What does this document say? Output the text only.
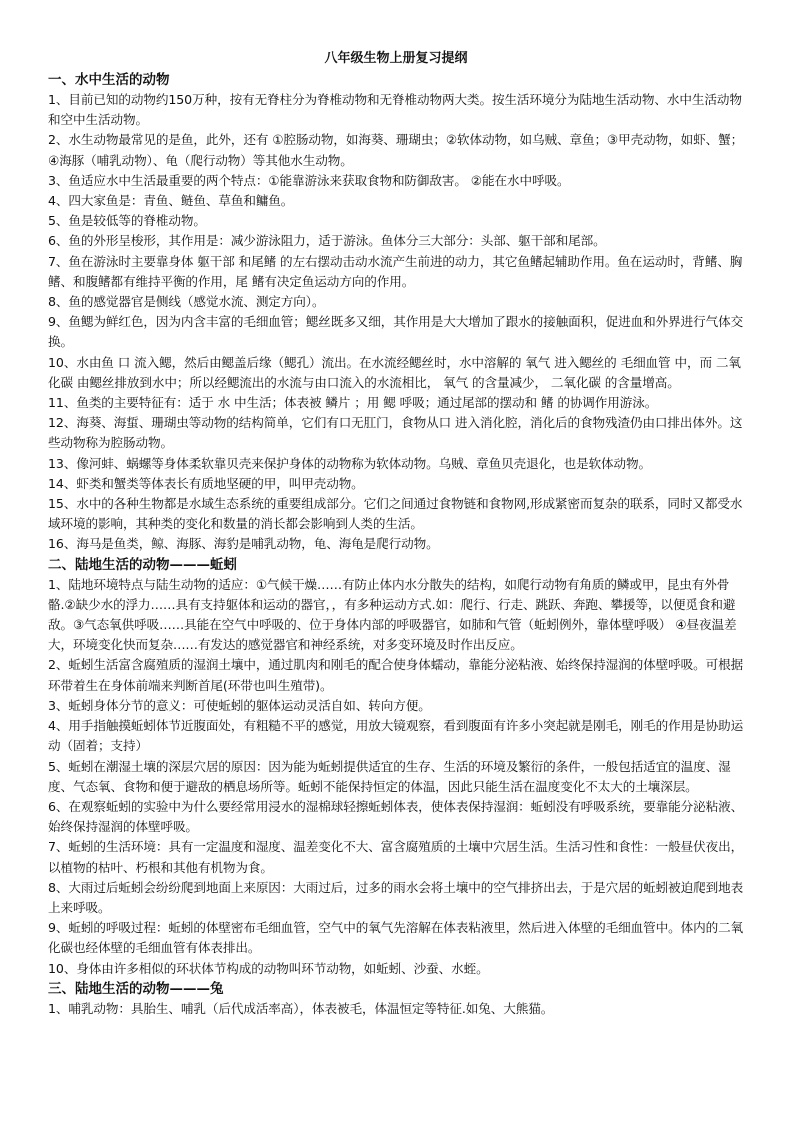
八年级生物上册复习提纲
一、水中生活的动物

1、目前已知的动物约150万种，按有无脊柱分为脊椎动物和无脊椎动物两大类。按生活环境分为陆地生活动物、水中生活动物和空中生活动物。

2、水生动物最常见的是鱼，此外，还有 ①腔肠动物，如海葵、珊瑚虫；②软体动物，如乌贼、章鱼；③甲壳动物，如虾、蟹；④海豚（哺乳动物）、龟（爬行动物）等其他水生动物。

3、鱼适应水中生活最重要的两个特点：①能靠游泳来获取食物和防御敌害。 ②能在水中呼吸。

4、四大家鱼是：青鱼、鲢鱼、草鱼和鳙鱼。

5、鱼是较低等的脊椎动物。

6、鱼的外形呈梭形，其作用是：减少游泳阻力，适于游泳。鱼体分三大部分：头部、躯干部和尾部。

7、鱼在游泳时主要靠身体 躯干部 和尾鳍 的左右摆动击动水流产生前进的动力，其它鱼鳍起辅助作用。鱼在运动时，背鳍、胸鳍、和腹鳍都有维持平衡的作用，尾 鳍有决定鱼运动方向的作用。

8、鱼的感觉器官是侧线（感觉水流、测定方向）。

9、鱼鳃为鲜红色，因为内含丰富的毛细血管；鳃丝既多又细，其作用是大大增加了跟水的接触面积，促进血和外界进行气体交换。

10、水由鱼 口 流入鳃，然后由鳃盖后缘（鳃孔）流出。在水流经鳃丝时，水中溶解的 氧气 进入鳃丝的 毛细血管 中，而 二氧化碳 由鳃丝排放到水中；所以经鳃流出的水流与由口流入的水流相比， 氧气 的含量减少， 二氧化碳 的含量增高。

11、鱼类的主要特征有：适于 水 中生活；体表被 鳞片 ；用 鳃 呼吸；通过尾部的摆动和 鳍 的协调作用游泳。

12、海葵、海蜇、珊瑚虫等动物的结构简单，它们有口无肛门，食物从口 进入消化腔，消化后的食物残渣仍由口排出体外。这些动物称为腔肠动物。

13、像河蚌、蜗螺等身体柔软靠贝壳来保护身体的动物称为软体动物。乌贼、章鱼贝壳退化，也是软体动物。

14、虾类和蟹类等体表长有质地坚硬的甲，叫甲壳动物。

15、水中的各种生物都是水域生态系统的重要组成部分。它们之间通过食物链和食物网,形成紧密而复杂的联系，同时又都受水域环境的影响，其种类的变化和数量的消长都会影响到人类的生活。

16、海马是鱼类，鲸、海豚、海豹是哺乳动物，龟、海龟是爬行动物。

二、陆地生活的动物———蚯蚓

1、陆地环境特点与陆生动物的适应：①气候干燥……有防止体内水分散失的结构，如爬行动物有角质的鳞或甲，昆虫有外骨骼.②缺少水的浮力……具有支持躯体和运动的器官，，有多种运动方式.如：爬行、行走、跳跃、奔跑、攀援等，以便觅食和避敌。③气态氧供呼吸……具能在空气中呼吸的、位于身体内部的呼吸器官，如肺和气管（蚯蚓例外，靠体壁呼吸） ④昼夜温差大，环境变化快而复杂……有发达的感觉器官和神经系统，对多变环境及时作出反应。

2、蚯蚓生活富含腐殖质的湿润土壤中，通过肌肉和刚毛的配合使身体蠕动，靠能分泌粘液、始终保持湿润的体壁呼吸。可根据环带着生在身体前端来判断首尾(环带也叫生殖带)。

3、蚯蚓身体分节的意义：可使蚯蚓的躯体运动灵活自如、转向方便。

4、用手指触摸蚯蚓体节近腹面处，有粗糙不平的感觉，用放大镜观察，看到腹面有许多小突起就是刚毛，刚毛的作用是协助运动（固着；支持）

5、蚯蚓在潮湿土壤的深层穴居的原因：因为能为蚯蚓提供适宜的生存、生活的环境及繁衍的条件，一般包括适宜的温度、湿度、气态氧、食物和便于避敌的栖息场所等。蚯蚓不能保持恒定的体温，因此只能生活在温度变化不太大的土壤深层。

6、在观察蚯蚓的实验中为什么要经常用浸水的湿棉球轻擦蚯蚓体表，使体表保持湿润：蚯蚓没有呼吸系统，要靠能分泌粘液、始终保持湿润的体壁呼吸。

7、蚯蚓的生活环境：具有一定温度和湿度、温差变化不大、富含腐殖质的土壤中穴居生活。生活习性和食性：一般昼伏夜出，以植物的枯叶、朽根和其他有机物为食。

8、大雨过后蚯蚓会纷纷爬到地面上来原因：大雨过后，过多的雨水会将土壤中的空气排挤出去，于是穴居的蚯蚓被迫爬到地表上来呼吸。

9、蚯蚓的呼吸过程：蚯蚓的体壁密布毛细血管，空气中的氧气先溶解在体表粘液里，然后进入体壁的毛细血管中。体内的二氧化碳也经体壁的毛细血管有体表排出。

10、身体由许多相似的环状体节构成的动物叫环节动物，如蚯蚓、沙蚕、水蛭。

三、陆地生活的动物———兔

1、哺乳动物：具胎生、哺乳（后代成活率高），体表被毛，体温恒定等特征.如兔、大熊猫。
